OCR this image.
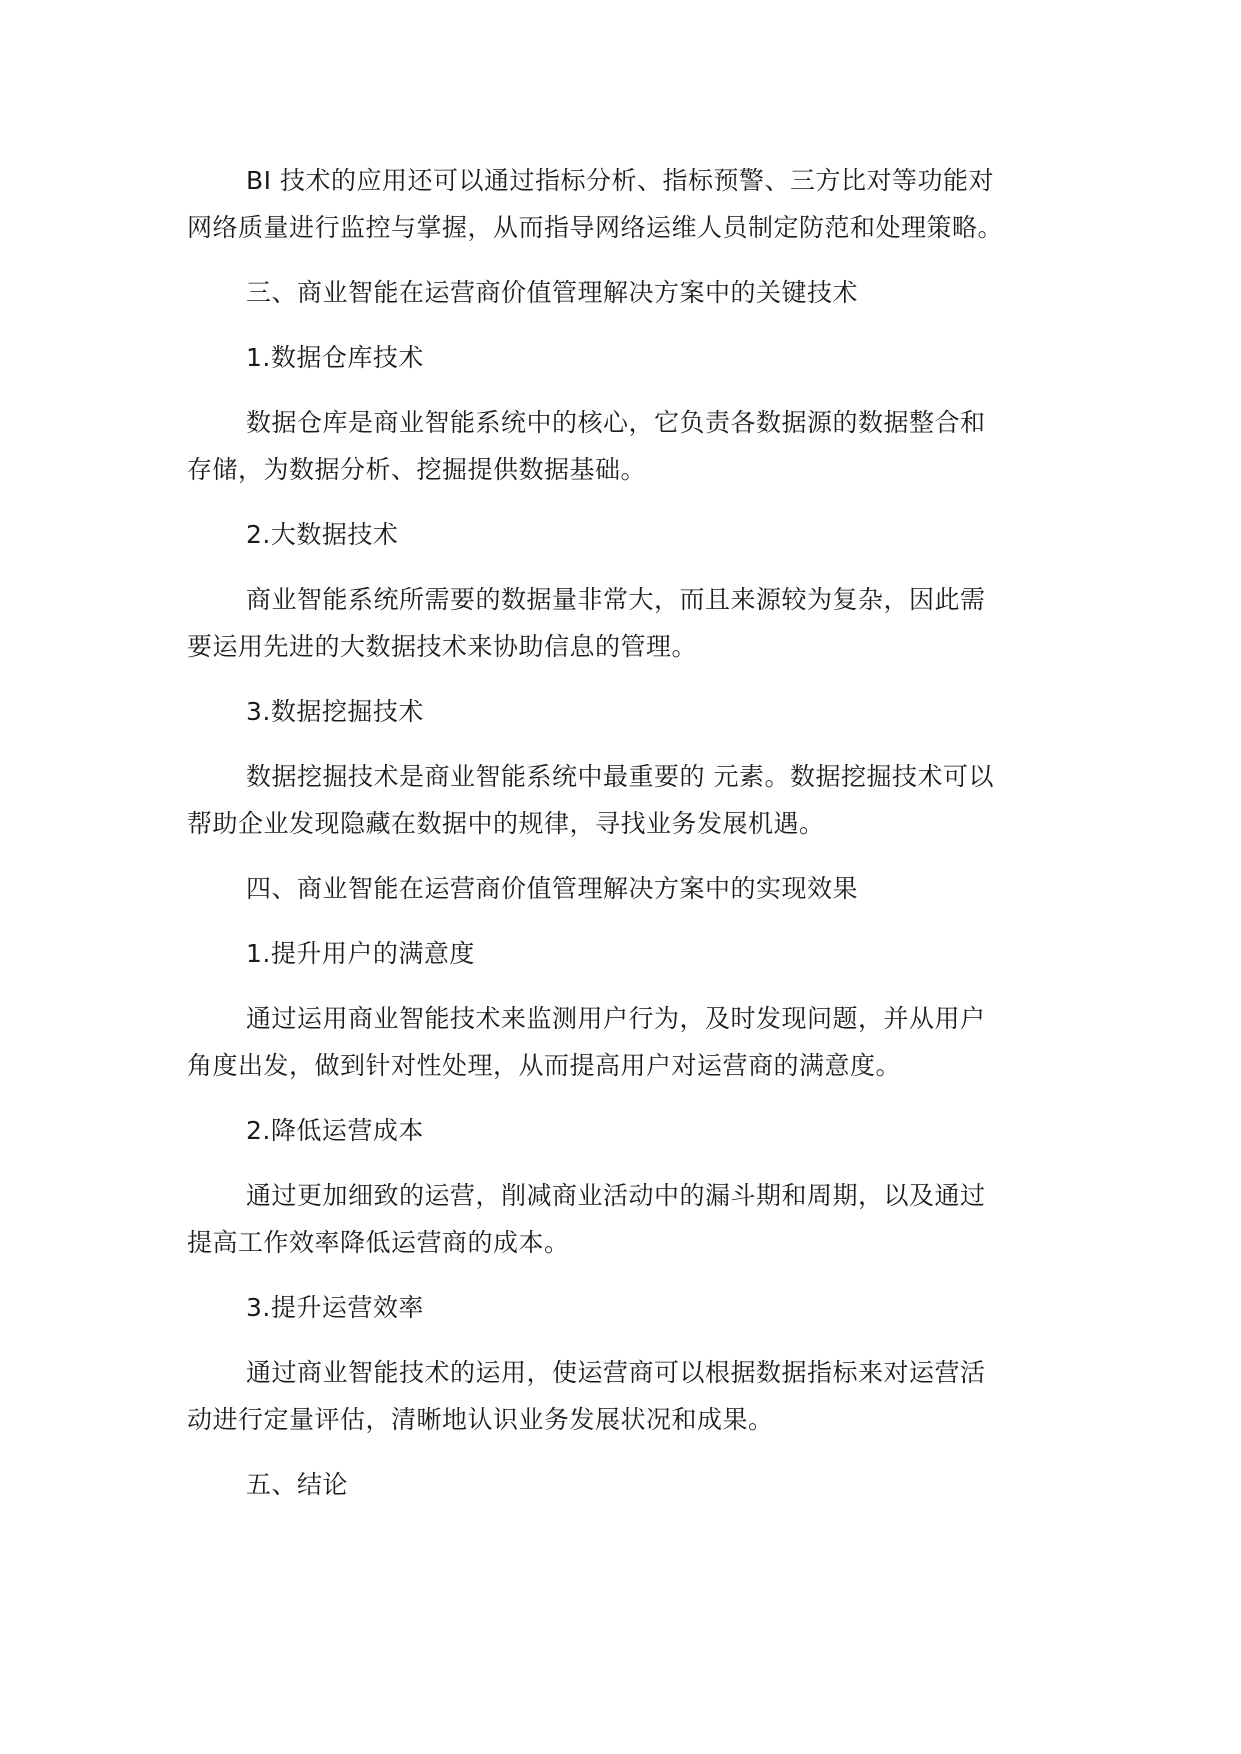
BI 技术的应用还可以通过指标分析、指标预警、三方比对等功能对
网络质量进行监控与掌握，从而指导网络运维人员制定防范和处理策略。

三、商业智能在运营商价值管理解决方案中的关键技术

1.数据仓库技术

数据仓库是商业智能系统中的核心，它负责各数据源的数据整合和
存储，为数据分析、挖掘提供数据基础。

2.大数据技术

商业智能系统所需要的数据量非常大，而且来源较为复杂，因此需
要运用先进的大数据技术来协助信息的管理。

3.数据挖掘技术

数据挖掘技术是商业智能系统中最重要的 元素。数据挖掘技术可以
帮助企业发现隐藏在数据中的规律，寻找业务发展机遇。

四、商业智能在运营商价值管理解决方案中的实现效果

1.提升用户的满意度

通过运用商业智能技术来监测用户行为，及时发现问题，并从用户
角度出发，做到针对性处理，从而提高用户对运营商的满意度。

2.降低运营成本

通过更加细致的运营，削减商业活动中的漏斗期和周期，以及通过
提高工作效率降低运营商的成本。

3.提升运营效率

通过商业智能技术的运用，使运营商可以根据数据指标来对运营活
动进行定量评估，清晰地认识业务发展状况和成果。

五、结论
